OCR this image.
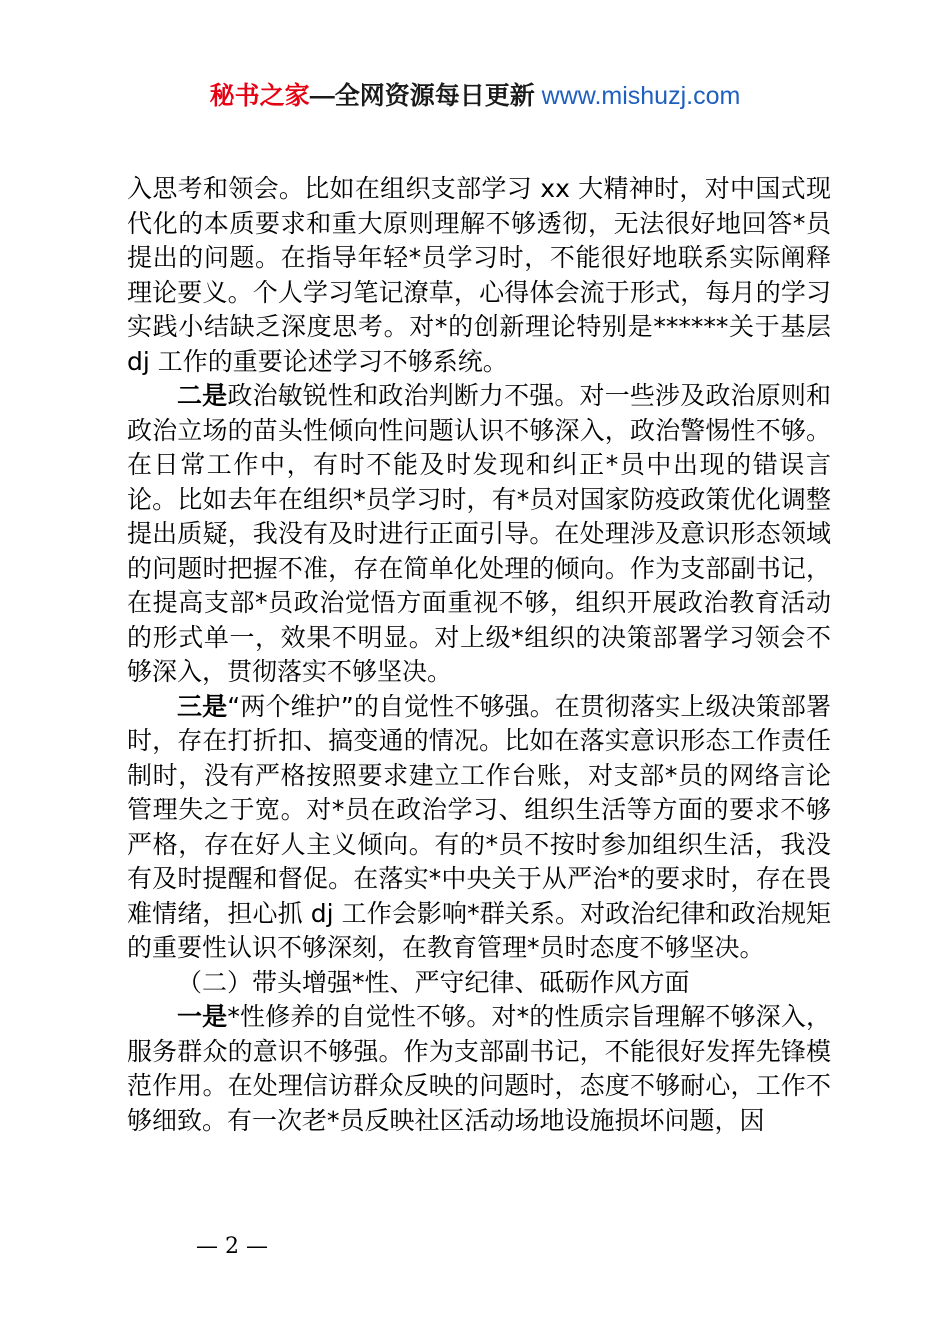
秘书之家—全网资源每日更新 www.mishuzj.com

入思考和领会。比如在组织支部学习 xx 大精神时，对中国式现代化的本质要求和重大原则理解不够透彻，无法很好地回答*员提出的问题。在指导年轻*员学习时，不能很好地联系实际阐释理论要义。个人学习笔记潦草，心得体会流于形式，每月的学习实践小结缺乏深度思考。对*的创新理论特别是******关于基层 dj 工作的重要论述学习不够系统。

二是政治敏锐性和政治判断力不强。对一些涉及政治原则和政治立场的苗头性倾向性问题认识不够深入，政治警惕性不够。在日常工作中，有时不能及时发现和纠正*员中出现的错误言论。比如去年在组织*员学习时，有*员对国家防疫政策优化调整提出质疑，我没有及时进行正面引导。在处理涉及意识形态领域的问题时把握不准，存在简单化处理的倾向。作为支部副书记，在提高支部*员政治觉悟方面重视不够，组织开展政治教育活动的形式单一，效果不明显。对上级*组织的决策部署学习领会不够深入，贯彻落实不够坚决。

三是“两个维护”的自觉性不够强。在贯彻落实上级决策部署时，存在打折扣、搞变通的情况。比如在落实意识形态工作责任制时，没有严格按照要求建立工作台账，对支部*员的网络言论管理失之于宽。对*员在政治学习、组织生活等方面的要求不够严格，存在好人主义倾向。有的*员不按时参加组织生活，我没有及时提醒和督促。在落实*中央关于从严治*的要求时，存在畏难情绪，担心抓 dj 工作会影响*群关系。对政治纪律和政治规矩的重要性认识不够深刻，在教育管理*员时态度不够坚决。

（二）带头增强*性、严守纪律、砥砺作风方面

一是*性修养的自觉性不够。对*的性质宗旨理解不够深入，服务群众的意识不够强。作为支部副书记，不能很好发挥先锋模范作用。在处理信访群众反映的问题时，态度不够耐心，工作不够细致。有一次老*员反映社区活动场地设施损坏问题，因

— 2 —
